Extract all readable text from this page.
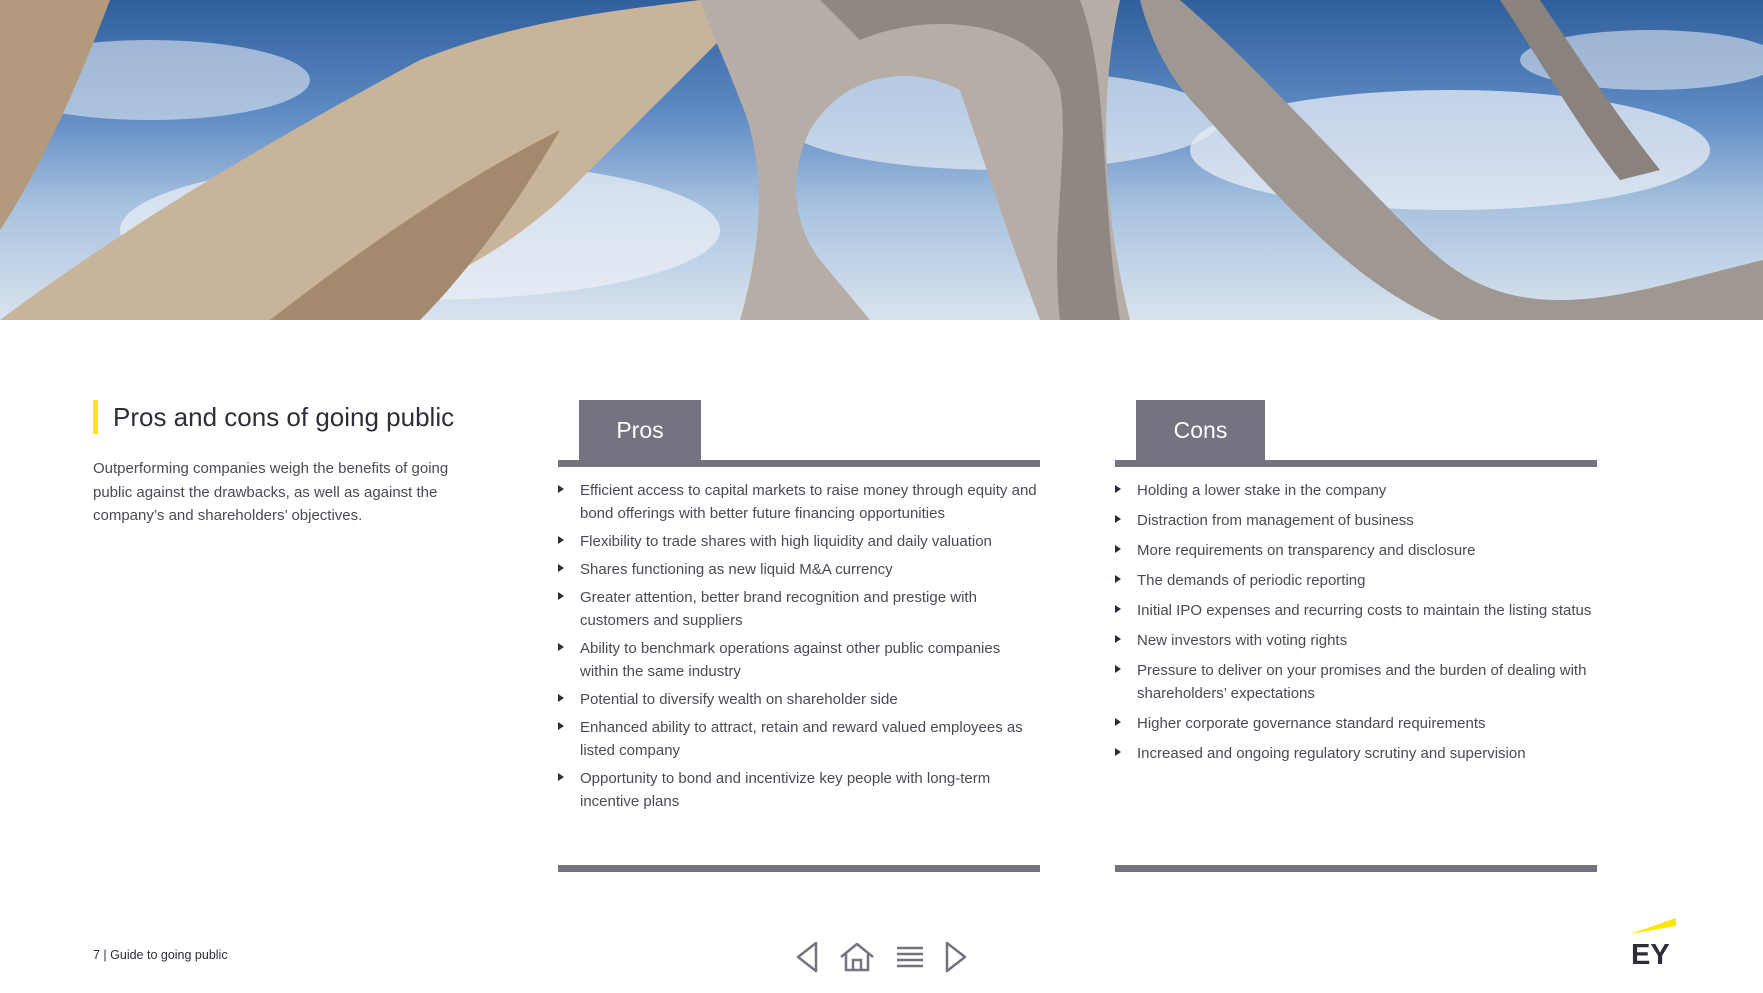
Pros and cons of going public
Outperforming companies weigh the benefits of going public against the drawbacks, as well as against the company’s and shareholders’ objectives.
Pros
Efficient access to capital markets to raise money through equity and bond offerings with better future financing opportunities
Flexibility to trade shares with high liquidity and daily valuation
Shares functioning as new liquid M&A currency
Greater attention, better brand recognition and prestige with customers and suppliers
Ability to benchmark operations against other public companies within the same industry
Potential to diversify wealth on shareholder side
Enhanced ability to attract, retain and reward valued employees as listed company
Opportunity to bond and incentivize key people with long-term incentive plans
Cons
Holding a lower stake in the company
Distraction from management of business
More requirements on transparency and disclosure
The demands of periodic reporting
Initial IPO expenses and recurring costs to maintain the listing status
New investors with voting rights
Pressure to deliver on your promises and the burden of dealing with shareholders’ expectations
Higher corporate governance standard requirements
Increased and ongoing regulatory scrutiny and supervision
7 | Guide to going public	EY
